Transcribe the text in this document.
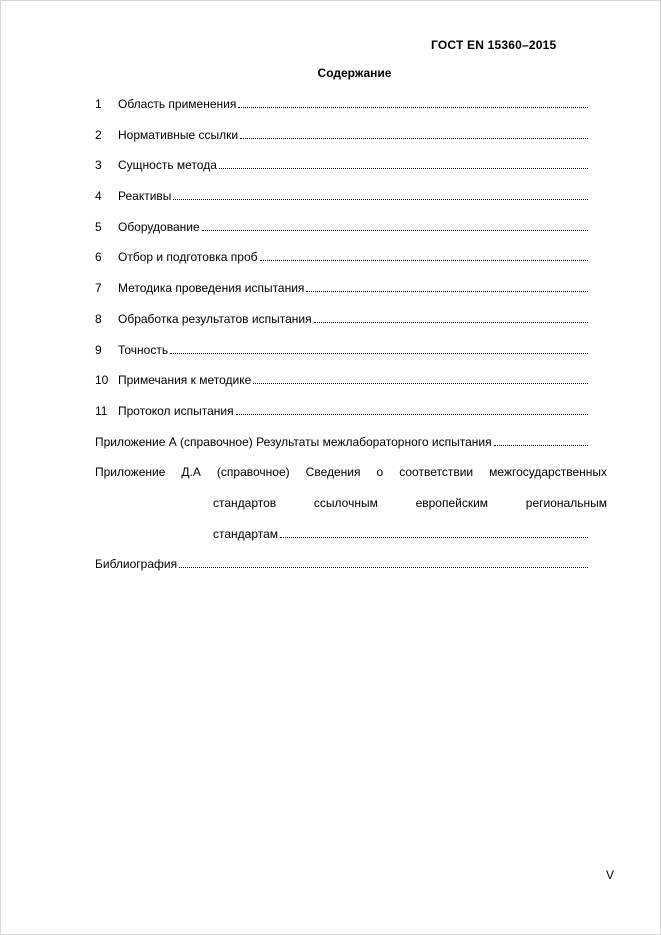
ГОСТ EN 15360–2015
Содержание
1	Область применения
2	Нормативные ссылки
3	Сущность метода
4	Реактивы
5	Оборудование
6	Отбор и подготовка проб
7	Методика проведения испытания
8	Обработка результатов испытания
9	Точность
10 Примечания к методике
11 Протокол испытания
Приложение А (справочное) Результаты межлабораторного испытания
Приложение Д.А (справочное) Сведения о соответствии межгосударственных
стандартов	ссылочным	европейским	региональным
стандартам
Библиография
V
